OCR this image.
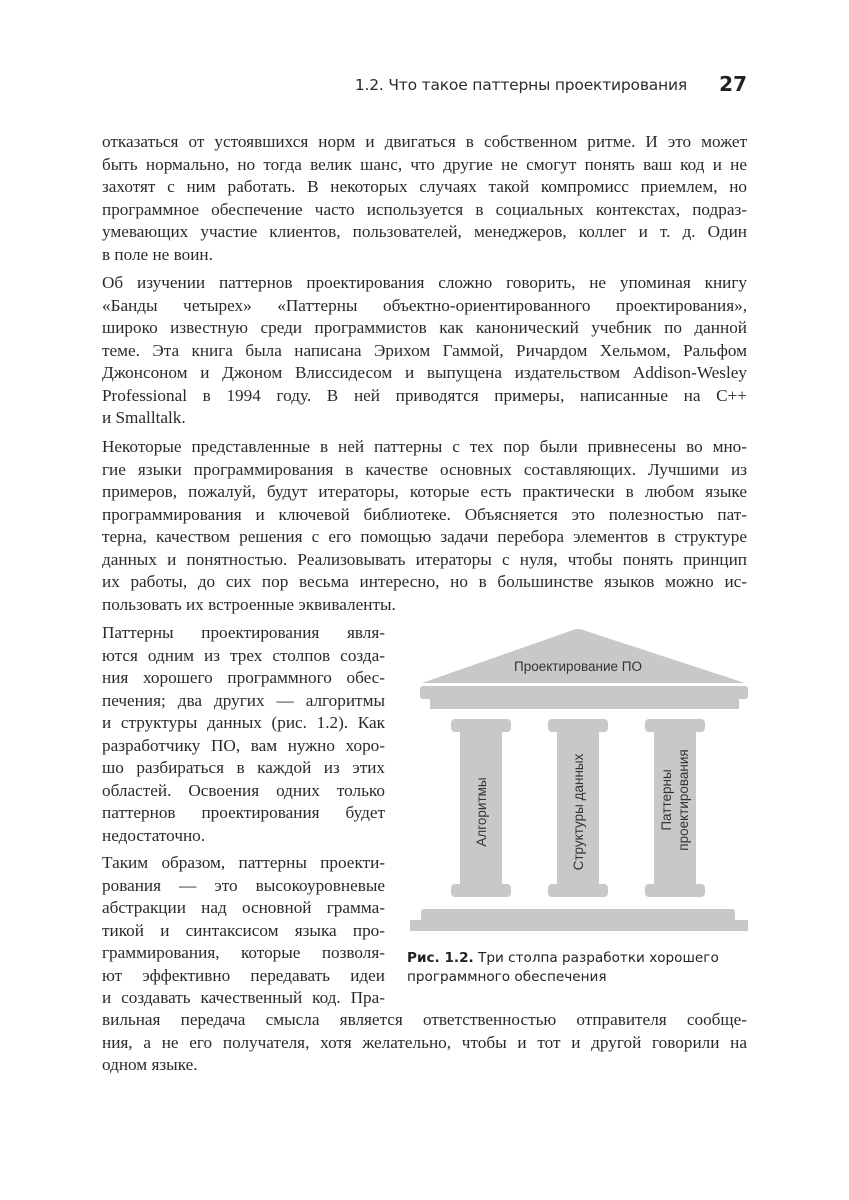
1.2. Что такое паттерны проектирования 27
отказаться от устоявшихся норм и двигаться в собственном ритме. И это может
быть нормально, но тогда велик шанс, что другие не смогут понять ваш код и не
захотят с ним работать. В некоторых случаях такой компромисс приемлем, но
программное обеспечение часто используется в социальных контекстах, подраз-
умевающих участие клиентов, пользователей, менеджеров, коллег и т. д. Один
в поле не воин.
Об изучении паттернов проектирования сложно говорить, не упоминая книгу
«Банды четырех» «Паттерны объектно-ориентированного проектирования»,
широко известную среди программистов как канонический учебник по данной
теме. Эта книга была написана Эрихом Гаммой, Ричардом Хельмом, Ральфом
Джонсоном и Джоном Влиссидесом и выпущена издательством Addison-Wesley
Professional в 1994 году. В ней приводятся примеры, написанные на C++
и Smalltalk.
Некоторые представленные в ней паттерны с тех пор были привнесены во мно-
гие языки программирования в качестве основных составляющих. Лучшими из
примеров, пожалуй, будут итераторы, которые есть практически в любом языке
программирования и ключевой библиотеке. Объясняется это полезностью пат-
терна, качеством решения с его помощью задачи перебора элементов в структуре
данных и понятностью. Реализовывать итераторы с нуля, чтобы понять принцип
их работы, до сих пор весьма интересно, но в большинстве языков можно ис-
пользовать их встроенные эквиваленты.
Паттерны проектирования явля-
ются одним из трех столпов созда-
ния хорошего программного обес-
печения; два других — алгоритмы
и структуры данных (рис. 1.2). Как
разработчику ПО, вам нужно хоро-
шо разбираться в каждой из этих
областей. Освоения одних только
паттернов проектирования будет
недостаточно.
Таким образом, паттерны проекти-
рования — это высокоуровневые
абстракции над основной грамма-
тикой и синтаксисом языка про-
граммирования, которые позволя-
ют эффективно передавать идеи
и создавать качественный код. Пра-
вильная передача смысла является ответственностью отправителя сообще-
ния, а не его получателя, хотя желательно, чтобы и тот и другой говорили на
одном языке.
Проектирование ПО
Алгоритмы	Структуры данных	Паттерны проектирования
Рис. 1.2. Три столпа разработки хорошего
программного обеспечения
